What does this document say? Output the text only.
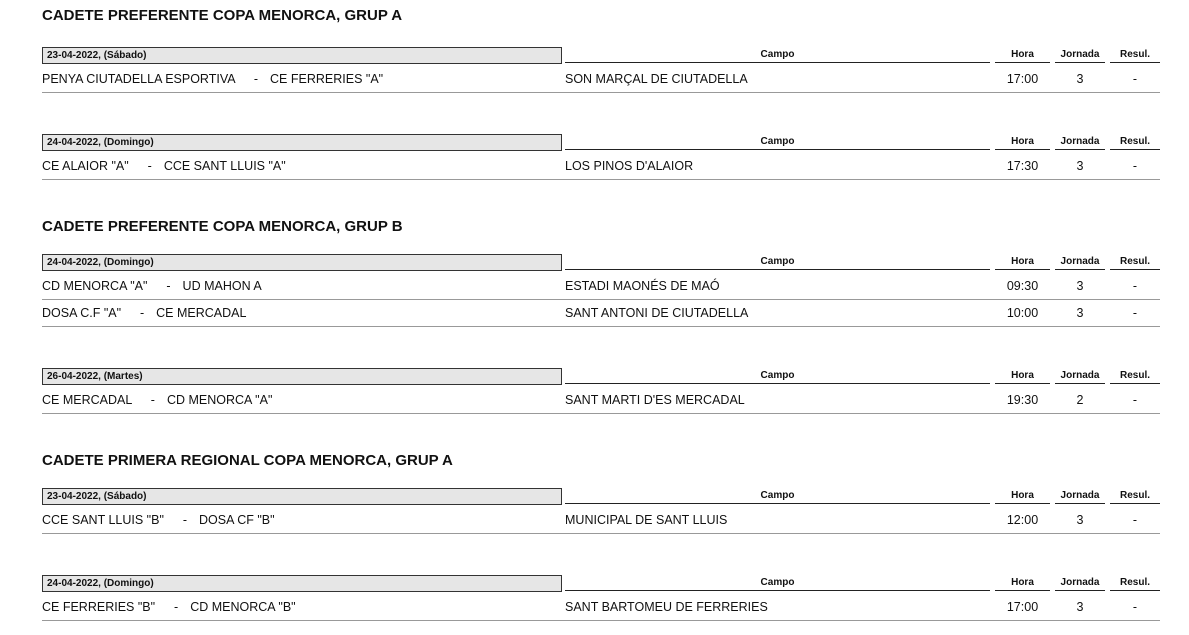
CADETE PREFERENTE COPA MENORCA, GRUP A
23-04-2022, (Sábado)	Campo	Hora	Jornada	Resul.
PENYA CIUTADELLA ESPORTIVA - CE FERRERIES "A"	SON MARÇAL DE CIUTADELLA	17:00	3	-
24-04-2022, (Domingo)	Campo	Hora	Jornada	Resul.
CE ALAIOR "A" - CCE SANT LLUIS "A"	LOS PINOS D'ALAIOR	17:30	3	-
CADETE PREFERENTE COPA MENORCA, GRUP B
24-04-2022, (Domingo)	Campo	Hora	Jornada	Resul.
CD MENORCA "A" - UD MAHON A	ESTADI MAONÉS DE MAÓ	09:30	3	-
DOSA C.F "A" - CE MERCADAL	SANT ANTONI DE CIUTADELLA	10:00	3	-
26-04-2022, (Martes)	Campo	Hora	Jornada	Resul.
CE MERCADAL - CD MENORCA "A"	SANT MARTI D'ES MERCADAL	19:30	2	-
CADETE PRIMERA REGIONAL COPA MENORCA, GRUP A
23-04-2022, (Sábado)	Campo	Hora	Jornada	Resul.
CCE SANT LLUIS "B" - DOSA CF "B"	MUNICIPAL DE SANT LLUIS	12:00	3	-
24-04-2022, (Domingo)	Campo	Hora	Jornada	Resul.
CE FERRERIES "B" - CD MENORCA "B"	SANT BARTOMEU DE FERRERIES	17:00	3	-
